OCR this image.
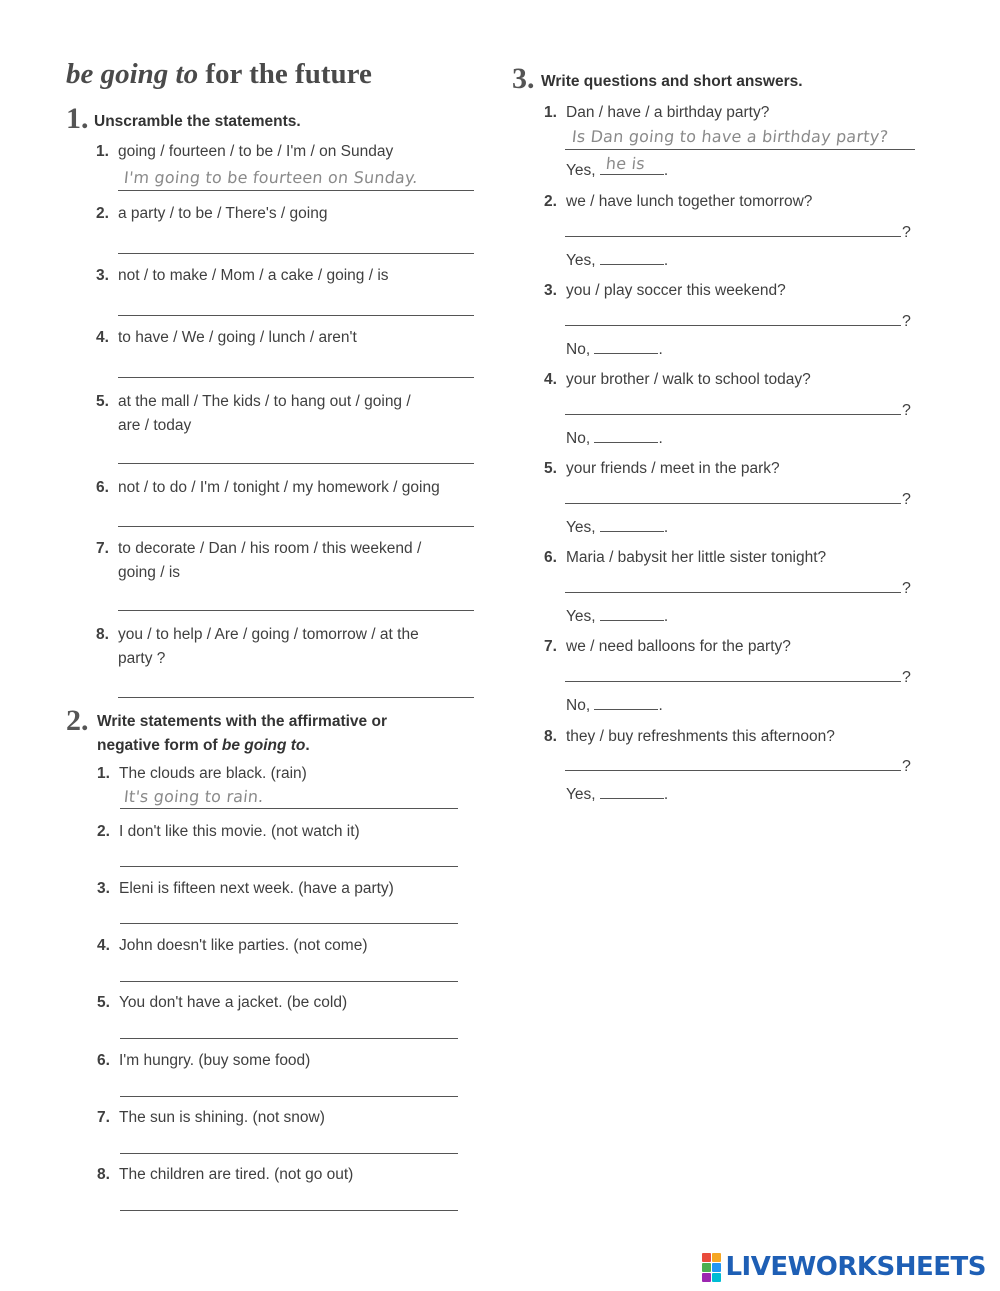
be going to for the future
1. Unscramble the statements.
1. going / fourteen / to be / I'm / on Sunday
I'm going to be fourteen on Sunday.
2. a party / to be / There's / going
3. not / to make / Mom / a cake / going / is
4. to have / We / going / lunch / aren't
5. at the mall / The kids / to hang out / going /
are / today
6. not / to do / I'm / tonight / my homework / going
7. to decorate / Dan / his room / this weekend /
going / is
8. you / to help / Are / going / tomorrow / at the
party ?
2. Write statements with the affirmative or
negative form of be going to.
1. The clouds are black. (rain)
It's going to rain.
2. I don't like this movie. (not watch it)
3. Eleni is fifteen next week. (have a party)
4. John doesn't like parties. (not come)
5. You don't have a jacket. (be cold)
6. I'm hungry. (buy some food)
7. The sun is shining. (not snow)
8. The children are tired. (not go out)
3. Write questions and short answers.
1. Dan / have / a birthday party?
Is Dan going to have a birthday party?
Yes, he is .
2. we / have lunch together tomorrow?
?
Yes,	.
3. you / play soccer this weekend?
?
No,	.
4. your brother / walk to school today?
?
No,	.
5. your friends / meet in the park?
?
Yes,	.
6. Maria / babysit her little sister tonight?
?
Yes,	.
7. we / need balloons for the party?
?
No,	.
8. they / buy refreshments this afternoon?
?
Yes,	.
LIVEWORKSHEETS
